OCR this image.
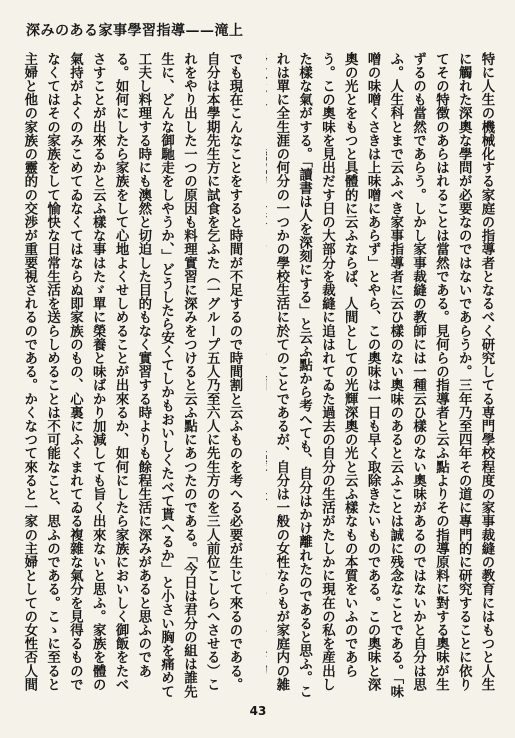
深みのある家事學習指導——滝上
特に人生の機械化する家庭の指導者となるべく研究してる専門學校程度の家事裁縫の教育にはもつと人生に觸れた深奧な學問が必要なのではないであらうか。三年乃至四年その道に專門的に研究することに依りてその特徴のあらはれることは當然である。見何らの指導者と云ふ點よりその指導原料に對する奧味が生ずるのも當然であらう。しかし家事裁縫の教師には一種云ひ樣のない奧味があるのではないかと自分は思ふ。人生科とまで云ふべき家事指導者に云ひ樣のない奧味のあると云ふことは誠に残念なことである。「味噌の味噌くさきは上味噌にあらず」とやら、この奧味は一日も早く取除きたいものである。この奧味と深奧の光とをもつと具體的に云ふならば、人間としての光輝深奧の光と云ふ樣なもの本質をいふのであらう。この奧味を見出だす日の大部分を裁縫に追はれてゐた過去の自分の生活がたしかに現在の私を産出した樣な氣がする。「讀書は人を深刻にする」と云ふ點から考へても、自分はかけ離れたのであると思ふ。これは單に全生涯の何分の一つかの學校生活に於てのことであるが、自分は一般の女性ならもが家庭内の雑
でも現在こんなことをすると時間が不足するので時間割と云ふものを考へる必要が生じて來るのである。自分は本學期先生方に試食を乞ふた（一グループ五人乃至六人に先生方のを三人前位こしらへさせる）これをやり出した一つの原因も料理實習に深みをつけると云ふ點にあつたのである。「今日は君分の組は誰先生に、どんな御馳走をしやうか、」どうしたら安くてしかもおいしくたべて貰へるか」と小さい胸を痛めて工夫し料理する時にも澳然と切迫した目的もなく實習する時よりも餘程生活に深みがあると思ふのである。如何にしたら家族をして心地よくせしめることが出來るか、如何にしたら家族においしく御飯をたべさすことが出來るかと云ふ樣な事はたゞ單に榮養と味ばかり加減しても旨く出來ないと思ふ。家族を體の氣持がよくのみこめてゐなくてはならぬ即家族のもの、心裏にふくまれてゐる複雜な氣分を見得るものでなくてはその家族をして愉快な日常生活を送らしめることは不可能なこと、思ふのである。こゝに至ると主婦と他の家族の靈的の交渉が重要視されるのである。かくなつて來ると一家の主婦としての女性否人間
43
